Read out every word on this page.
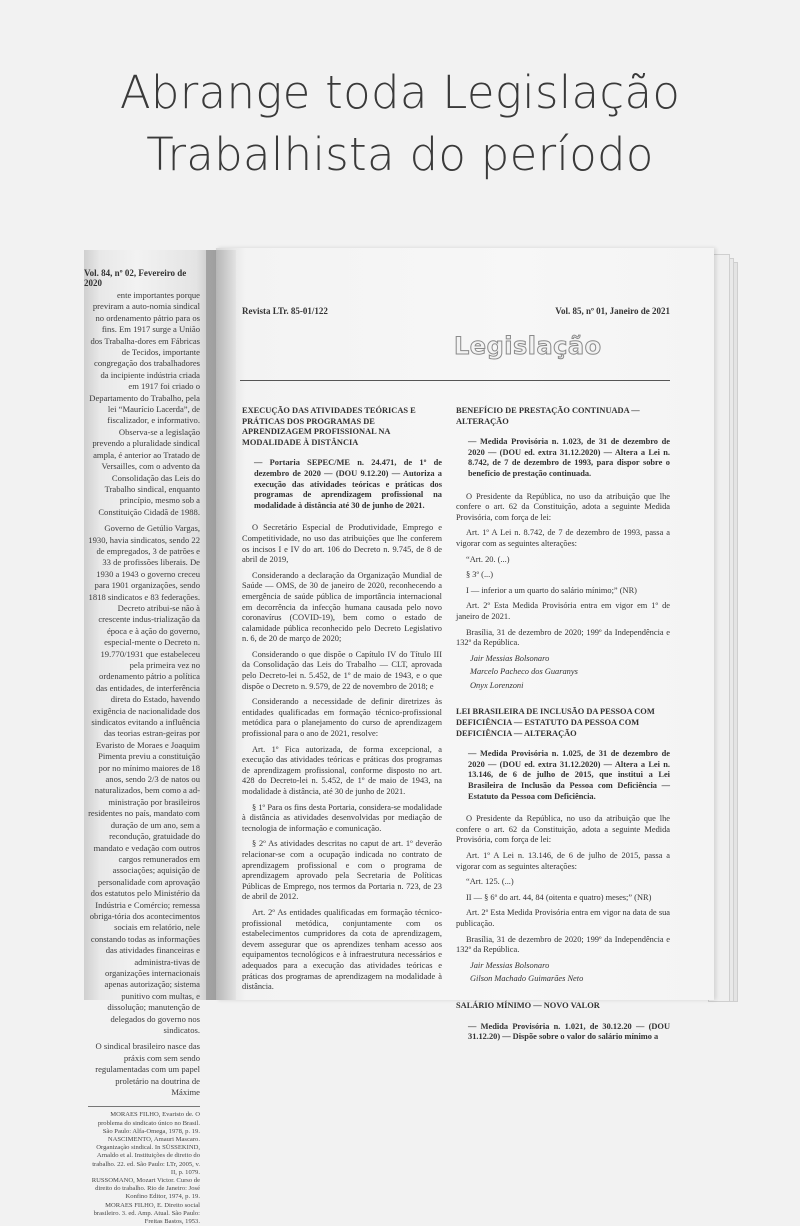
Abrange toda Legislação
Trabalhista do período
Vol. 84, nº 02, Fevereiro de 2020

ente importantes porque previram a auto-nomia sindical no ordenamento pátrio para os fins. Em 1917 surge a União dos Trabalha-dores em Fábricas de Tecidos, importante congregação dos trabalhadores da incipiente indústria criada em 1917 foi criado o Departamento do Trabalho, pela lei “Maurício Lacerda”, de fiscalizador, e informativo. Observa-se a legislação prevendo a pluralidade sindical ampla, é anterior ao Tratado de Versailles, com o advento da Consolidação das Leis do Trabalho sindical, enquanto princípio, mesmo sob a Constituição Cidadã de 1988.

Governo de Getúlio Vargas, 1930, havia sindicatos, sendo 22 de empregados, 3 de patrões e 33 de profissões liberais. De 1930 a 1943 o governo creceu para 1901 organizações, sendo 1818 sindicatos e 83 federações. Decreto atribui-se não à crescente indus-trialização da época e à ação do governo, especial-mente o Decreto n. 19.770/1931 que estabeleceu pela primeira vez no ordenamento pátrio a política das entidades, de interferência direta do Estado, havendo exigência de nacionalidade dos sindicatos evitando a influência das teorias estran-geiras por Evaristo de Moraes e Joaquim Pimenta previu a constituição por no mínimo maiores de 18 anos, sendo 2/3 de natos ou naturalizados, bem como a ad-ministração por brasileiros residentes no país, mandato com duração de um ano, sem a recondução, gratuidade do mandato e vedação com outros cargos remunerados em associações; aquisição de personalidade com aprovação dos estatutos pelo Ministério da Indústria e Comércio; remessa obriga-tória dos acontecimentos sociais em relatório, nele constando todas as informações das atividades financeiras e administra-tivas de organizações internacionais apenas autorização; sistema punitivo com multas, e dissolução; manutenção de delegados do governo nos sindicatos.

O sindical brasileiro nasce das práxis com sem sendo regulamentadas com um papel proletário na doutrina de Máxime

MORAES FILHO, Evaristo de. O problema do sindicato único no Brasil. São Paulo: Alfa-Omega, 1978, p. 19.
NASCIMENTO, Amauri Mascaro. Organização sindical. In SÜSSEKIND, Arnaldo et al. Instituições de direito do trabalho. 22. ed. São Paulo: LTr, 2005, v. II, p. 1079.
RUSSOMANO, Mozart Victor. Curso de direito do trabalho. Rio de Janeiro: José Konfino Editor, 1974, p. 19.
MORAES FILHO, E. Direito social brasileiro. 3. ed. Amp. Atual. São Paulo: Freitas Bastos, 1953.
Revista LTr. 85-01/122	Vol. 85, nº 01, Janeiro de 2021
Legislação

EXECUÇÃO DAS ATIVIDADES TEÓRICAS E PRÁTICAS DOS PROGRAMAS DE APRENDIZAGEM PROFISSIONAL NA MODALIDADE À DISTÂNCIA

— Portaria SEPEC/ME n. 24.471, de 1º de dezembro de 2020 — (DOU 9.12.20) — Autoriza a execução das atividades teóricas e práticas dos programas de aprendizagem profissional na modalidade à distância até 30 de junho de 2021.

O Secretário Especial de Produtividade, Emprego e Competitividade, no uso das atribuições que lhe conferem os incisos I e IV do art. 106 do Decreto n. 9.745, de 8 de abril de 2019,

Considerando a declaração da Organização Mundial de Saúde — OMS, de 30 de janeiro de 2020, reconhecendo a emergência de saúde pública de importância internacional em decorrência da infecção humana causada pelo novo coronavírus (COVID-19), bem como o estado de calamidade pública reconhecido pelo Decreto Legislativo n. 6, de 20 de março de 2020;

Considerando o que dispõe o Capítulo IV do Título III da Consolidação das Leis do Trabalho — CLT, aprovada pelo Decreto-lei n. 5.452, de 1º de maio de 1943, e o que dispõe o Decreto n. 9.579, de 22 de novembro de 2018; e

Considerando a necessidade de definir diretrizes às entidades qualificadas em formação técnico-profissional metódica para o planejamento do curso de aprendizagem profissional para o ano de 2021, resolve:

Art. 1º Fica autorizada, de forma excepcional, a execução das atividades teóricas e práticas dos programas de aprendizagem profissional, conforme disposto no art. 428 do Decreto-lei n. 5.452, de 1º de maio de 1943, na modalidade à distância, até 30 de junho de 2021.

§ 1º Para os fins desta Portaria, considera-se modalidade à distância as atividades desenvolvidas por mediação de tecnologia de informação e comunicação.

§ 2º As atividades descritas no caput de art. 1º deverão relacionar-se com a ocupação indicada no contrato de aprendizagem profissional e com o programa de aprendizagem aprovado pela Secretaria de Políticas Públicas de Emprego, nos termos da Portaria n. 723, de 23 de abril de 2012.

Art. 2º As entidades qualificadas em formação técnico-profissional metódica, conjuntamente com os estabelecimentos cumpridores da cota de aprendizagem, devem assegurar que os aprendizes tenham acesso aos equipamentos tecnológicos e à infraestrutura necessários e adequados para a execução das atividades teóricas e práticas dos programas de aprendizagem na modalidade à distância.

BENEFÍCIO DE PRESTAÇÃO CONTINUADA — ALTERAÇÃO

— Medida Provisória n. 1.023, de 31 de dezembro de 2020 — (DOU ed. extra 31.12.2020) — Altera a Lei n. 8.742, de 7 de dezembro de 1993, para dispor sobre o benefício de prestação continuada.

O Presidente da República, no uso da atribuição que lhe confere o art. 62 da Constituição, adota a seguinte Medida Provisória, com força de lei:

Art. 1º A Lei n. 8.742, de 7 de dezembro de 1993, passa a vigorar com as seguintes alterações:

“Art. 20. (...)

§ 3º (...)

I — inferior a um quarto do salário mínimo;” (NR)

Art. 2º Esta Medida Provisória entra em vigor em 1º de janeiro de 2021.

Brasília, 31 de dezembro de 2020; 199º da Independência e 132º da República.

Jair Messias Bolsonaro

Marcelo Pacheco dos Guaranys

Onyx Lorenzoni

LEI BRASILEIRA DE INCLUSÃO DA PESSOA COM DEFICIÊNCIA — ESTATUTO DA PESSOA COM DEFICIÊNCIA — ALTERAÇÃO

— Medida Provisória n. 1.025, de 31 de dezembro de 2020 — (DOU ed. extra 31.12.2020) — Altera a Lei n. 13.146, de 6 de julho de 2015, que institui a Lei Brasileira de Inclusão da Pessoa com Deficiência — Estatuto da Pessoa com Deficiência.

O Presidente da República, no uso da atribuição que lhe confere o art. 62 da Constituição, adota a seguinte Medida Provisória, com força de lei:

Art. 1º A Lei n. 13.146, de 6 de julho de 2015, passa a vigorar com as seguintes alterações:

“Art. 125. (...)

II — § 6º do art. 44, 84 (oitenta e quatro) meses;” (NR)

Art. 2º Esta Medida Provisória entra em vigor na data de sua publicação.

Brasília, 31 de dezembro de 2020; 199º da Independência e 132º da República.

Jair Messias Bolsonaro

Gilson Machado Guimarães Neto

SALÁRIO MÍNIMO — NOVO VALOR

— Medida Provisória n. 1.021, de 30.12.20 — (DOU 31.12.20) — Dispõe sobre o valor do salário mínimo a
